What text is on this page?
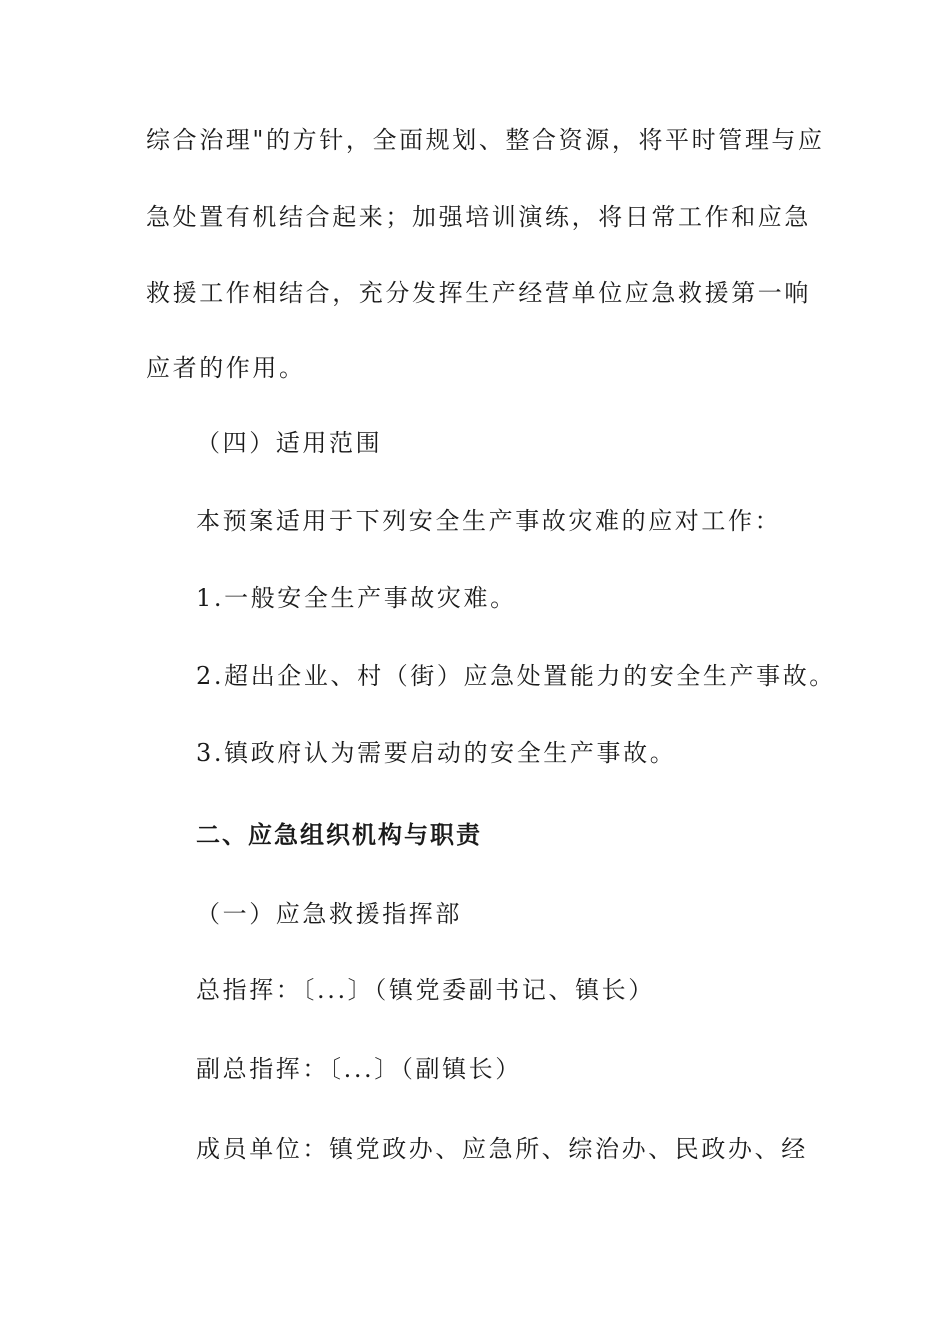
综合治理"的方针，全面规划、整合资源，将平时管理与应
急处置有机结合起来；加强培训演练，将日常工作和应急
救援工作相结合，充分发挥生产经营单位应急救援第一响
应者的作用。
（四）适用范围
本预案适用于下列安全生产事故灾难的应对工作：
1.一般安全生产事故灾难。
2.超出企业、村（街）应急处置能力的安全生产事故。
3.镇政府认为需要启动的安全生产事故。
二、应急组织机构与职责
（一）应急救援指挥部
总指挥：〔...〕（镇党委副书记、镇长）
副总指挥：〔...〕（副镇长）
成员单位：镇党政办、应急所、综治办、民政办、经
